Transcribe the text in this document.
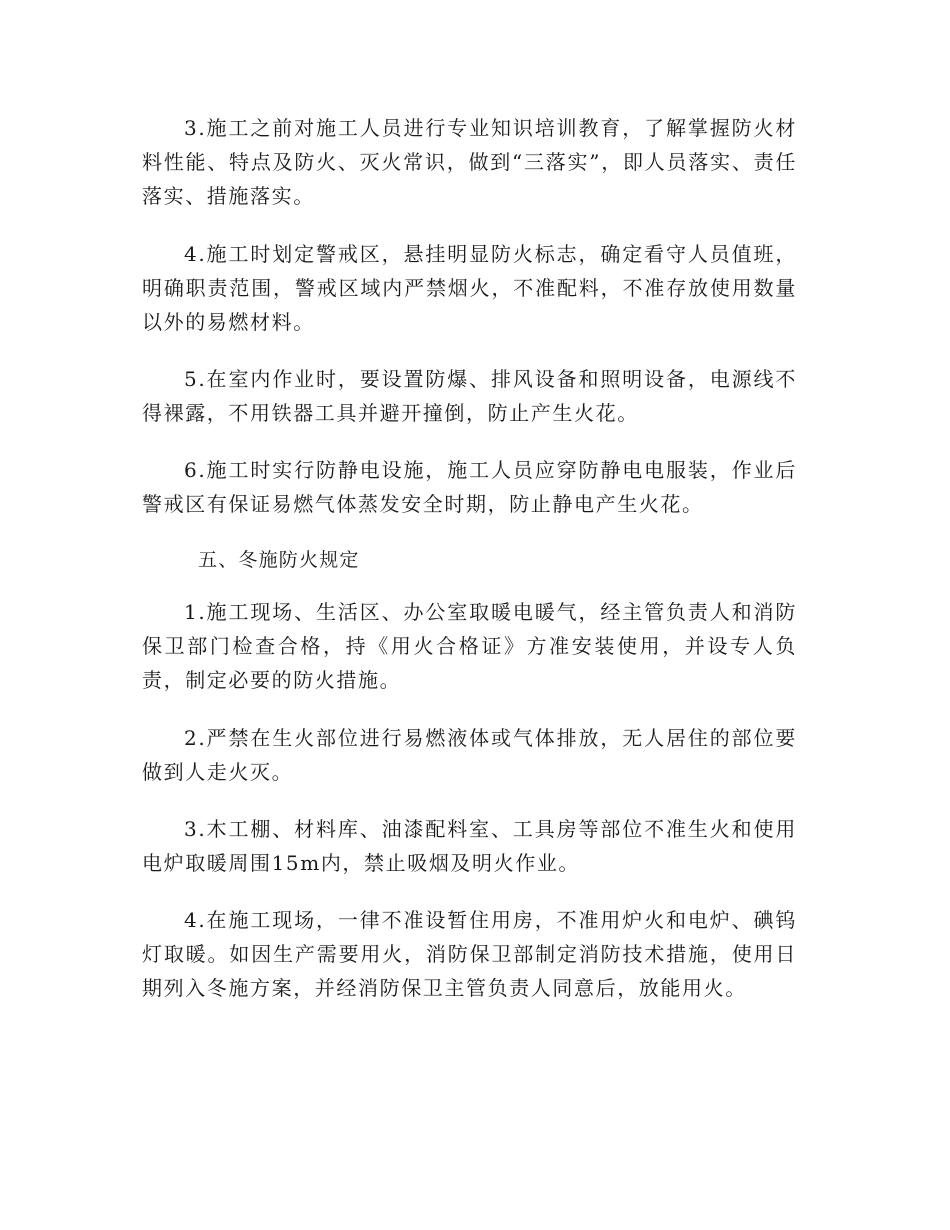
3.施工之前对施工人员进行专业知识培训教育，了解掌握防火材料性能、特点及防火、灭火常识，做到“三落实”，即人员落实、责任落实、措施落实。

4.施工时划定警戒区，悬挂明显防火标志，确定看守人员值班，明确职责范围，警戒区域内严禁烟火，不准配料，不准存放使用数量以外的易燃材料。

5.在室内作业时，要设置防爆、排风设备和照明设备，电源线不得裸露，不用铁器工具并避开撞倒，防止产生火花。

6.施工时实行防静电设施，施工人员应穿防静电电服装，作业后警戒区有保证易燃气体蒸发安全时期，防止静电产生火花。

五、冬施防火规定

1.施工现场、生活区、办公室取暖电暖气，经主管负责人和消防保卫部门检查合格，持《用火合格证》方准安装使用，并设专人负责，制定必要的防火措施。

2.严禁在生火部位进行易燃液体或气体排放，无人居住的部位要做到人走火灭。

3.木工棚、材料库、油漆配料室、工具房等部位不准生火和使用电炉取暖周围15m内，禁止吸烟及明火作业。

4.在施工现场，一律不准设暂住用房，不准用炉火和电炉、碘钨灯取暖。如因生产需要用火，消防保卫部制定消防技术措施，使用日期列入冬施方案，并经消防保卫主管负责人同意后，放能用火。
